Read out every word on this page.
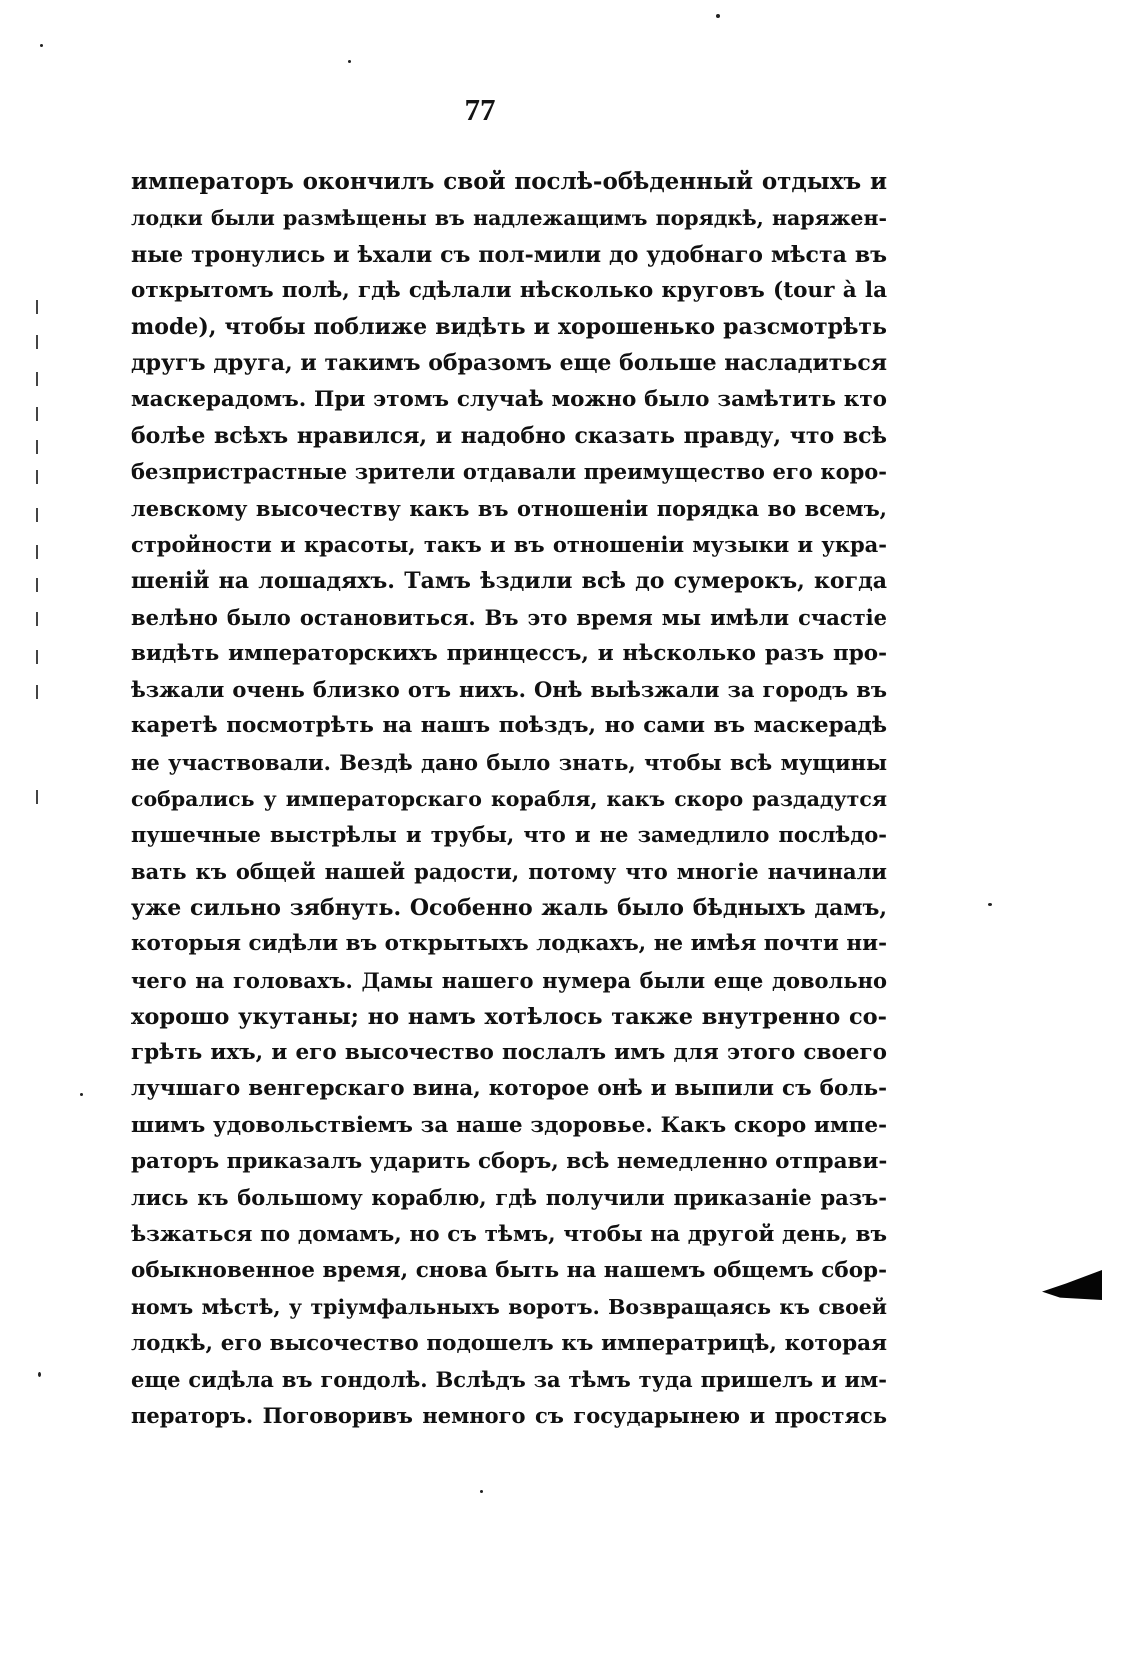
77
императоръ окончилъ свой послѣ-обѣденный отдыхъ и
лодки были размѣщены въ надлежащимъ порядкѣ, наряжен-
ные тронулись и ѣхали съ пол-мили до удобнаго мѣста въ
открытомъ полѣ, гдѣ сдѣлали нѣсколько круговъ (tour à la
mode), чтобы поближе видѣть и хорошенько разсмотрѣть
другъ друга, и такимъ образомъ еще больше насладиться
маскерадомъ. При этомъ случаѣ можно было замѣтить кто
болѣе всѣхъ нравился, и надобно сказать правду, что всѣ
безпристрастные зрители отдавали преимущество его коро-
левскому высочеству какъ въ отношенiи порядка во всемъ,
стройности и красоты, такъ и въ отношенiи музыки и укра-
шенiй на лошадяхъ. Тамъ ѣздили всѣ до сумерокъ, когда
велѣно было остановиться. Въ это время мы имѣли счастiе
видѣть императорскихъ принцессъ, и нѣсколько разъ про-
ѣзжали очень близко отъ нихъ. Онѣ выѣзжали за городъ въ
каретѣ посмотрѣть на нашъ поѣздъ, но сами въ маскерадѣ
не участвовали. Вездѣ дано было знать, чтобы всѣ мущины
собрались у императорскаго корабля, какъ скоро раздадутся
пушечные выстрѣлы и трубы, что и не замедлило послѣдо-
вать къ общей нашей радости, потому что многiе начинали
уже сильно зябнуть. Особенно жаль было бѣдныхъ дамъ,
которыя сидѣли въ открытыхъ лодкахъ, не имѣя почти ни-
чего на головахъ. Дамы нашего нумера были еще довольно
хорошо укутаны; но намъ хотѣлось также внутренно со-
грѣть ихъ, и его высочество послалъ имъ для этого своего
лучшаго венгерскаго вина, которое онѣ и выпили съ боль-
шимъ удовольствiемъ за наше здоровье. Какъ скоро импе-
раторъ приказалъ ударить сборъ, всѣ немедленно отправи-
лись къ большому кораблю, гдѣ получили приказанiе разъ-
ѣзжаться по домамъ, но съ тѣмъ, чтобы на другой день, въ
обыкновенное время, снова быть на нашемъ общемъ сбор-
номъ мѣстѣ, у трiумфальныхъ воротъ. Возвращаясь къ своей
лодкѣ, его высочество подошелъ къ императрицѣ, которая
еще сидѣла въ гондолѣ. Вслѣдъ за тѣмъ туда пришелъ и им-
ператоръ. Поговоривъ немного съ государынею и простясь
